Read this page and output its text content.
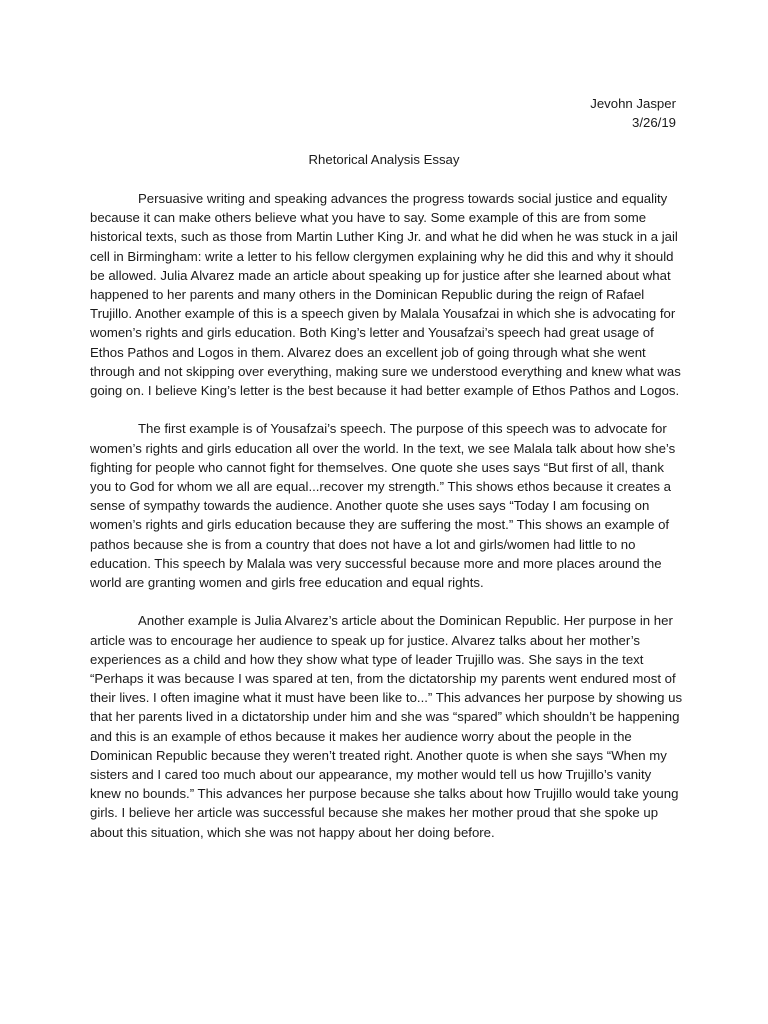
Jevohn Jasper
3/26/19
Rhetorical Analysis Essay

Persuasive writing and speaking advances the progress towards social justice and equality because it can make others believe what you have to say. Some example of this are from some historical texts, such as those from Martin Luther King Jr. and what he did when he was stuck in a jail cell in Birmingham: write a letter to his fellow clergymen explaining why he did this and why it should be allowed. Julia Alvarez made an article about speaking up for justice after she learned about what happened to her parents and many others in the Dominican Republic during the reign of Rafael Trujillo. Another example of this is a speech given by Malala Yousafzai in which she is advocating for women’s rights and girls education. Both King’s letter and Yousafzai’s speech had great usage of Ethos Pathos and Logos in them. Alvarez does an excellent job of going through what she went through and not skipping over everything, making sure we understood everything and knew what was going on. I believe King’s letter is the best because it had better example of Ethos Pathos and Logos.

The first example is of Yousafzai’s speech. The purpose of this speech was to advocate for women’s rights and girls education all over the world. In the text, we see Malala talk about how she’s fighting for people who cannot fight for themselves. One quote she uses says “But first of all, thank you to God for whom we all are equal...recover my strength.” This shows ethos because it creates a sense of sympathy towards the audience. Another quote she uses says “Today I am focusing on women’s rights and girls education because they are suffering the most.” This shows an example of pathos because she is from a country that does not have a lot and girls/women had little to no education. This speech by Malala was very successful because more and more places around the world are granting women and girls free education and equal rights.

Another example is Julia Alvarez’s article about the Dominican Republic. Her purpose in her article was to encourage her audience to speak up for justice. Alvarez talks about her mother’s experiences as a child and how they show what type of leader Trujillo was. She says in the text “Perhaps it was because I was spared at ten, from the dictatorship my parents went endured most of their lives. I often imagine what it must have been like to...” This advances her purpose by showing us that her parents lived in a dictatorship under him and she was “spared” which shouldn’t be happening and this is an example of ethos because it makes her audience worry about the people in the Dominican Republic because they weren’t treated right. Another quote is when she says “When my sisters and I cared too much about our appearance, my mother would tell us how Trujillo’s vanity knew no bounds.” This advances her purpose because she talks about how Trujillo would take young girls. I believe her article was successful because she makes her mother proud that she spoke up about this situation, which she was not happy about her doing before.
